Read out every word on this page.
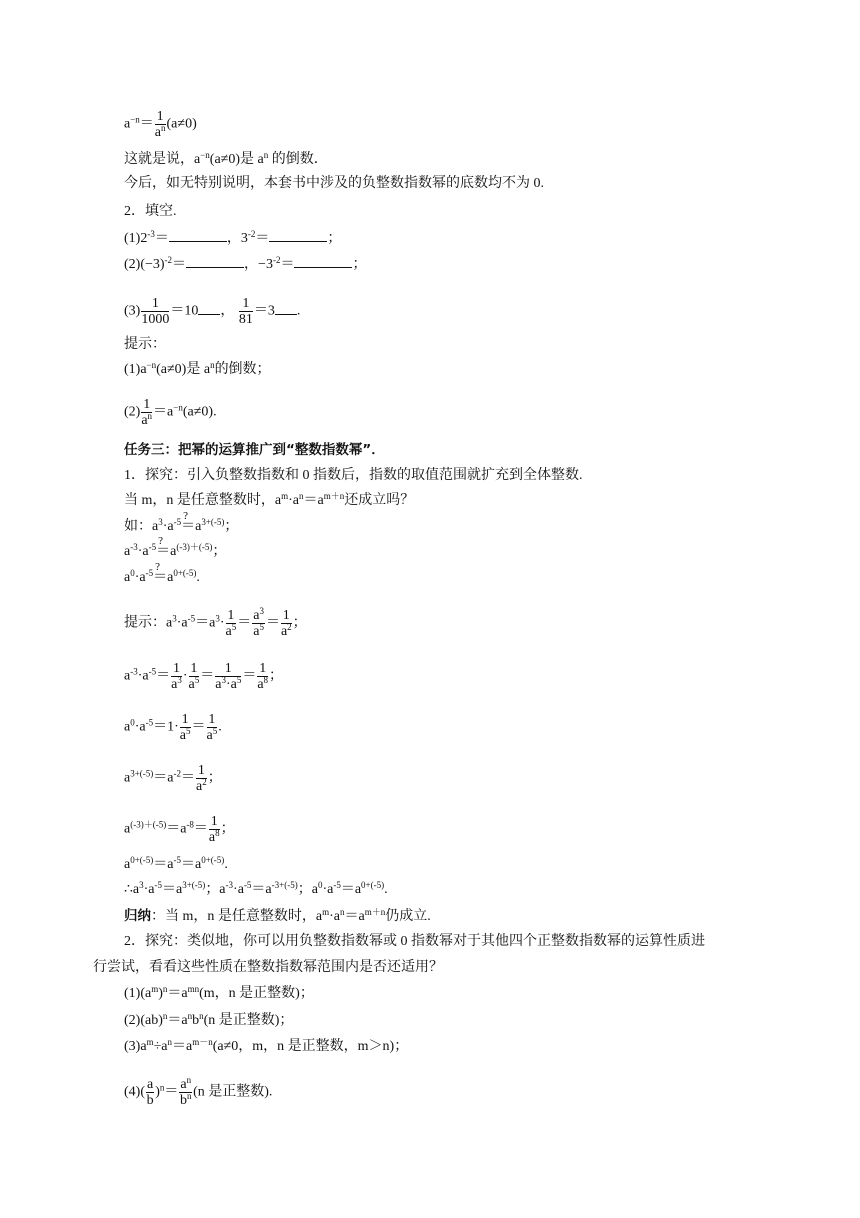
$a^{-n}= \frac{1}{a^n} (a\ne 0)$
这就是说，$a^{-n}(a\ne 0)$是 $a^n$ 的倒数．
今后，如无特别说明，本套书中涉及的负整数指数幂的底数均不为 0.
2．填空.
$(1)2^{-3}=$	，$3^{-2}=$	；
$(2)(-3)^{-2}=$	，$-3^{-2}=$	；
$(3) \frac{1}{1000} =10$ ， $\frac{1}{81} =3$ .
提示：
$(1)a^{-n}(a\ne 0)$是 $a^n$的倒数；
$(2) \frac{1}{a^n} =a^{-n}(a\ne 0)$.
任务三：把幂的运算推广到“整数指数幂”．
1．探究：引入负整数指数和 0 指数后，指数的取值范围就扩充到全体整数.
当 m，n 是任意整数时，$a^m\cdot a^n=a^{m+n}$还成立吗？
如：$a^3\cdot a^{-5}$ ?
$=a^{3+(-5)}$；
$a^{-3}\cdot a^{-5}$ ?
$=a^{(-3)+(-5)}$；
$a^0\cdot a^{-5}$ ?
$=a^{0+(-5)}$.
提示：$a^3\cdot a^{-5}=a^3\cdot \frac{1}{a^5} = \frac{a^3}{a^5} = \frac{1}{a^2}$ ；
$a^{-3}\cdot a^{-5}= \frac{1}{a^3} \cdot \frac{1}{a^5} = \frac{1}{a^3\cdot a^5} = \frac{1}{a^8}$ ；
$a^0\cdot a^{-5}=1\cdot \frac{1}{a^5} = \frac{1}{a^5}$ .
$a^{3+(-5)}=a^{-2}= \frac{1}{a^2}$ ；
$a^{(-3)+(-5)}=a^{-8}= \frac{1}{a^8}$ ；
$a^{0+(-5)}=a^{-5}=a^{0+(-5)}$.
$\therefore a^3\cdot a^{-5}=a^{3+(-5)}$；$a^{-3}\cdot a^{-5}=a^{-3+(-5)}$；$a^0\cdot a^{-5}=a^{0+(-5)}$.
归纳：当 m，n 是任意整数时，$a^m\cdot a^n=a^{m+n}$仍成立.
2．探究：类似地，你可以用负整数指数幂或 0 指数幂对于其他四个正整数指数幂的运算性质进
行尝试，看看这些性质在整数指数幂范围内是否还适用？
$(1)(a^m)^n=a^{mn}(m$，n 是正整数)；
$(2)(ab)^n=a^nb^n(n$ 是正整数)；
$(3)a^m\div a^n=a^{m-n}(a\ne 0$，m，n 是正整数，m＞n)；
$(4)( \frac{a}{b} )^n= \frac{a^n}{b^n} (n$ 是正整数).
